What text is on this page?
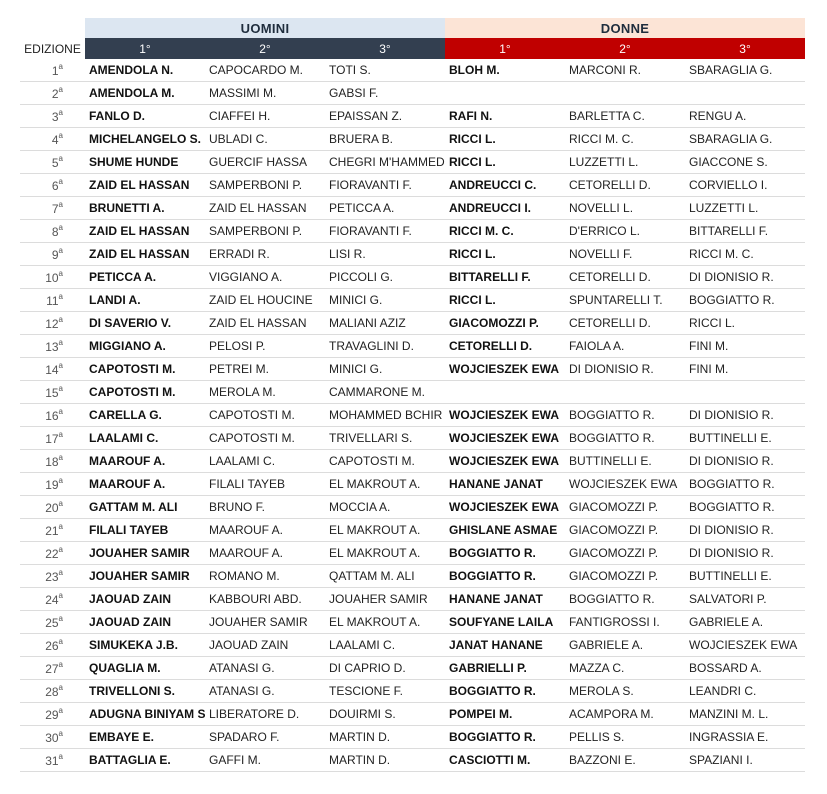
	UOMINI			DONNE		
EDIZIONE	1°	2°	3°	1°	2°	3°
1$^a$	AMENDOLA N.	CAPOCARDO M.	TOTI S.	BLOH M.	MARCONI R.	SBARAGLIA G.
2$^a$	AMENDOLA M.	MASSIMI M.	GABSI F.			
3$^a$	FANLO D.	CIAFFEI H.	EPAISSAN Z.	RAFI N.	BARLETTA C.	RENGU A.
4$^a$	MICHELANGELO S.	UBLADI C.	BRUERA B.	RICCI L.	RICCI M. C.	SBARAGLIA G.
5$^a$	SHUME HUNDE	GUERCIF HASSA	CHEGRI M'HAMMED	RICCI L.	LUZZETTI L.	GIACCONE S.
6$^a$	ZAID EL HASSAN	SAMPERBONI P.	FIORAVANTI F.	ANDREUCCI C.	CETORELLI D.	CORVIELLO I.
7$^a$	BRUNETTI A.	ZAID EL HASSAN	PETICCA A.	ANDREUCCI I.	NOVELLI L.	LUZZETTI L.
8$^a$	ZAID EL HASSAN	SAMPERBONI P.	FIORAVANTI F.	RICCI M. C.	D'ERRICO L.	BITTARELLI F.
9$^a$	ZAID EL HASSAN	ERRADI R.	LISI R.	RICCI L.	NOVELLI F.	RICCI M. C.
10$^a$	PETICCA A.	VIGGIANO A.	PICCOLI G.	BITTARELLI F.	CETORELLI D.	DI DIONISIO R.
11$^a$	LANDI A.	ZAID EL HOUCINE	MINICI G.	RICCI L.	SPUNTARELLI T.	BOGGIATTO R.
12$^a$	DI SAVERIO V.	ZAID EL HASSAN	MALIANI AZIZ	GIACOMOZZI P.	CETORELLI D.	RICCI L.
13$^a$	MIGGIANO A.	PELOSI P.	TRAVAGLINI D.	CETORELLI D.	FAIOLA A.	FINI M.
14$^a$	CAPOTOSTI M.	PETREI M.	MINICI G.	WOJCIESZEK EWA	DI DIONISIO R.	FINI M.
15$^a$	CAPOTOSTI M.	MEROLA M.	CAMMARONE M.			
16$^a$	CARELLA G.	CAPOTOSTI M.	MOHAMMED BCHIR	WOJCIESZEK EWA	BOGGIATTO R.	DI DIONISIO R.
17$^a$	LAALAMI C.	CAPOTOSTI M.	TRIVELLARI S.	WOJCIESZEK EWA	BOGGIATTO R.	BUTTINELLI E.
18$^a$	MAAROUF A.	LAALAMI C.	CAPOTOSTI M.	WOJCIESZEK EWA	BUTTINELLI E.	DI DIONISIO R.
19$^a$	MAAROUF A.	FILALI TAYEB	EL MAKROUT A.	HANANE JANAT	WOJCIESZEK EWA	BOGGIATTO R.
20$^a$	GATTAM M. ALI	BRUNO F.	MOCCIA A.	WOJCIESZEK EWA	GIACOMOZZI P.	BOGGIATTO R.
21$^a$	FILALI TAYEB	MAAROUF A.	EL MAKROUT A.	GHISLANE ASMAE	GIACOMOZZI P.	DI DIONISIO R.
22$^a$	JOUAHER SAMIR	MAAROUF A.	EL MAKROUT A.	BOGGIATTO R.	GIACOMOZZI P.	DI DIONISIO R.
23$^a$	JOUAHER SAMIR	ROMANO M.	QATTAM M. ALI	BOGGIATTO R.	GIACOMOZZI P.	BUTTINELLI E.
24$^a$	JAOUAD ZAIN	KABBOURI ABD.	JOUAHER SAMIR	HANANE JANAT	BOGGIATTO R.	SALVATORI P.
25$^a$	JAOUAD ZAIN	JOUAHER SAMIR	EL MAKROUT A.	SOUFYANE LAILA	FANTIGROSSI I.	GABRIELE A.
26$^a$	SIMUKEKA J.B.	JAOUAD ZAIN	LAALAMI C.	JANAT HANANE	GABRIELE A.	WOJCIESZEK EWA
27$^a$	QUAGLIA M.	ATANASI G.	DI CAPRIO D.	GABRIELLI P.	MAZZA C.	BOSSARD A.
28$^a$	TRIVELLONI S.	ATANASI G.	TESCIONE F.	BOGGIATTO R.	MEROLA S.	LEANDRI C.
29$^a$	ADUGNA BINIYAM S	LIBERATORE D.	DOUIRMI S.	POMPEI M.	ACAMPORA M.	MANZINI M. L.
30$^a$	EMBAYE E.	SPADARO F.	MARTIN D.	BOGGIATTO R.	PELLIS S.	INGRASSIA E.
31$^a$	BATTAGLIA E.	GAFFI M.	MARTIN D.	CASCIOTTI M.	BAZZONI E.	SPAZIANI I.
